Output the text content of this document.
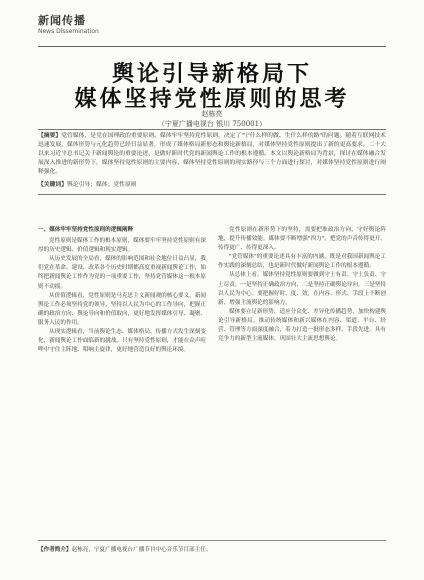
新闻传播
News Dissemination
舆论引导新格局下
媒体坚持党性原则的思考
赵栋亮
（宁夏广播电视台 银川 750001）
【摘要】党管媒体，是党在国理政的重要原则。媒体牢牢坚持党性原则，决定了"宁什么样的做、生什么样的路"的问题。随着互联网技术迅速发展，媒体形势与元化趋势已经日益显著，形成了媒体格局新形态和舆论新格局，对媒体坚持党性原则提出了新的更高要求。二十大以来习近平总书记关于新闻舆论的重要论述，是做好新时代党的新闻舆论工作的根本遵循。本文以舆论新格局为背景，探讨在媒体融合发展深入推进的新形势下，媒体坚持党性原则的主要内容、媒体坚持党性原则的现实路径与三个方面进行探讨，对媒体坚持党性原则进行阐释强化。
【关键词】舆论引导；媒体；党性原则

一、媒体牢牢坚持党性原则的逻辑阐释

党性原则是媒体工作的根本原则，媒体要牢牢坚持党性原则有深厚的历史逻辑、价值逻辑和现实逻辑。

从历史发展的全局看，媒体的影响范围和社会地位日益凸显，我们党在革命、建设、改革各个历史时期都高度重视新闻舆论工作，始终把新闻舆论工作作为党的一项重要工作，坚持党管媒体这一根本原则不动摇。

从价值逻辑看，党性原则是马克思主义新闻观的核心要义，新闻舆论工作必须坚持党的领导，坚持以人民为中心的工作导向，把握正确的政治方向、舆论导向和价值取向，更好地发挥媒体引导、凝聚、服务人民的作用。

从现实逻辑看，当前舆论生态、媒体格局、传播方式发生深刻变化，新闻舆论工作面临新的挑战。只有坚持党性原则，才能在众声喧哗中守住主阵地、唱响主旋律，更好地营造良好的舆论环境。

党性原则在新形势下的坚持，需要把准政治方向，守好舆论阵地，提升传播效能。媒体要不断增强"四力"，把党的声音传得更开、传得更广、传得更深入。

"党管媒体"的重要论述具有丰富的内涵，既是对我国新闻舆论工作实践的深刻总结，也是新时代做好新闻舆论工作的根本遵循。

从总体上看，媒体坚持党性原则要做到守土有责、守土负责、守土尽责。一是坚持正确政治方向，二是坚持正确舆论导向，三是坚持以人民为中心。要把握好时、度、效，在内容、形式、手段上不断创新，增强主流舆论的影响力。

媒体要立足新形势，适应分众化、差异化传播趋势，加快构建舆论引导新格局。推动传统媒体和新兴媒体在内容、渠道、平台、经营、管理等方面深度融合，着力打造一批形态多样、手段先进、具有竞争力的新型主流媒体，巩固壮大主流思想舆论。

【作者简介】赵栋亮，宁夏广播电视台广播节目中心音乐节目部主任。
